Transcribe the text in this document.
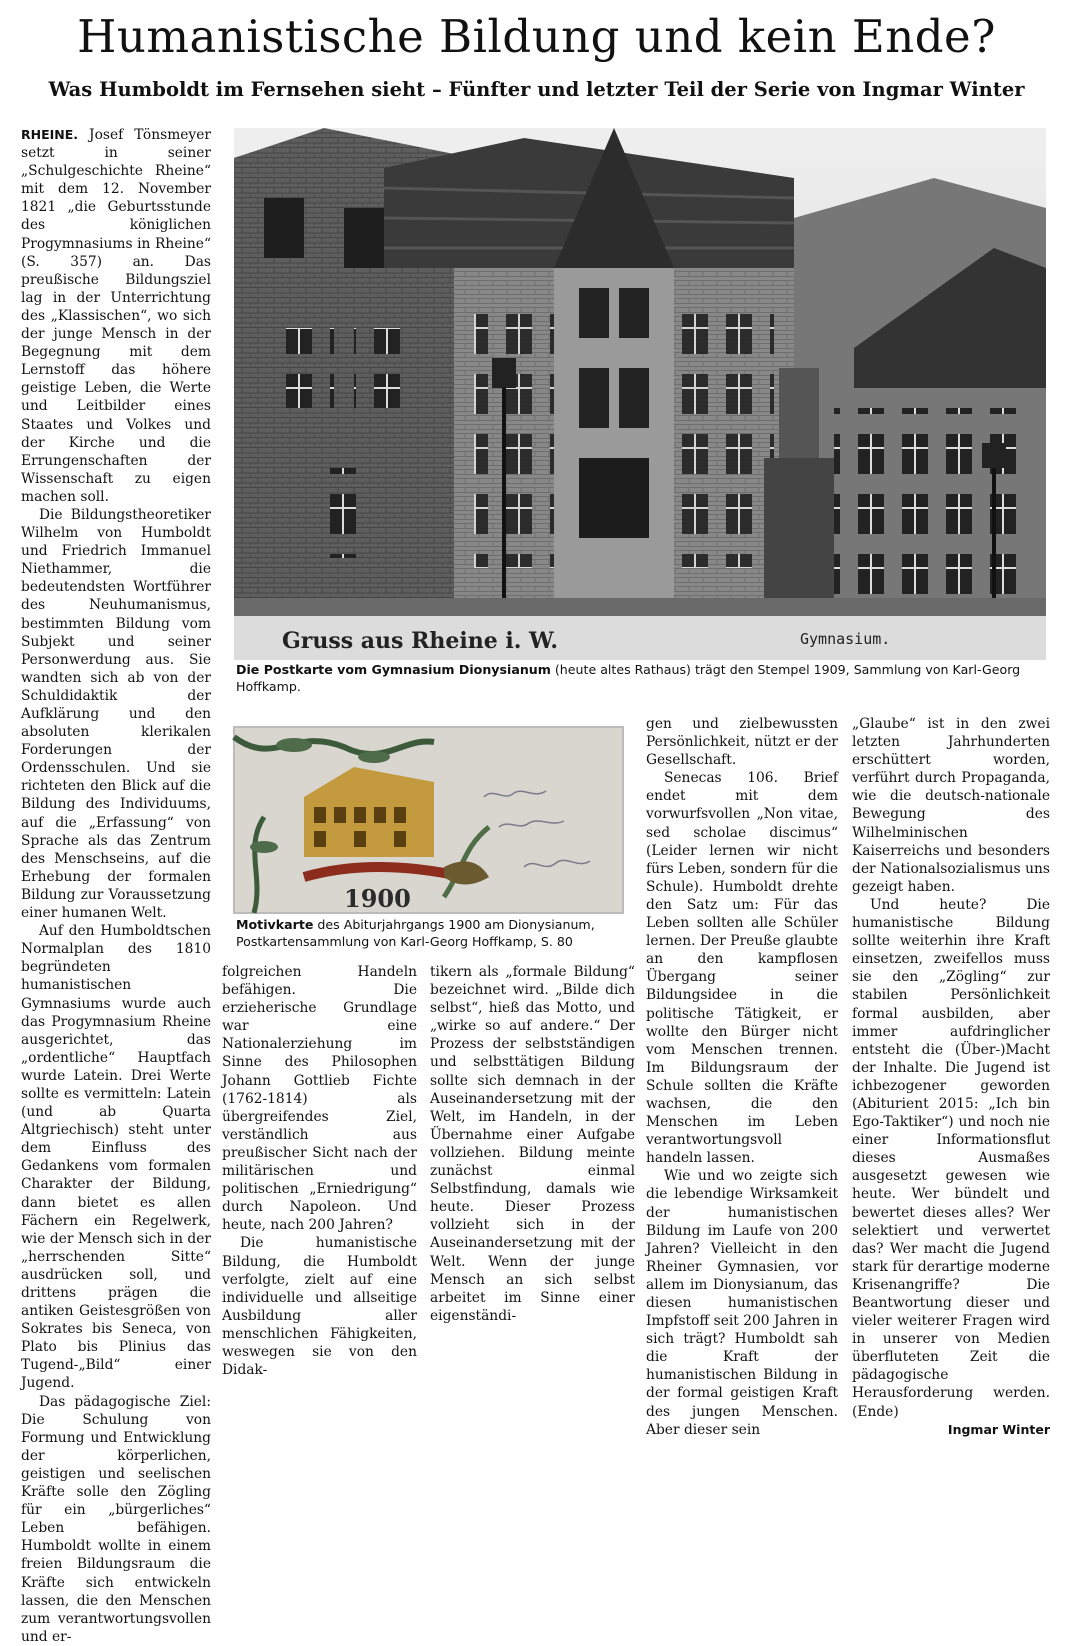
Humanistische Bildung und kein Ende?
Was Humboldt im Fernsehen sieht – Fünfter und letzter Teil der Serie von Ingmar Winter

RHEINE. Josef Tönsmeyer setzt in seiner „Schulgeschichte Rheine“ mit dem 12. November 1821 „die Geburtsstunde des königlichen Progymnasiums in Rheine“ (S. 357) an. Das preußische Bildungsziel lag in der Unterrichtung des „Klassischen“, wo sich der junge Mensch in der Begegnung mit dem Lernstoff das höhere geistige Leben, die Werte und Leitbilder eines Staates und Volkes und der Kirche und die Errungenschaften der Wissenschaft zu eigen machen soll.

Die Bildungstheoretiker Wilhelm von Humboldt und Friedrich Immanuel Niethammer, die bedeutendsten Wortführer des Neuhumanismus, bestimmten Bildung vom Subjekt und seiner Personwerdung aus. Sie wandten sich ab von der Schuldidaktik der Aufklärung und den absoluten klerikalen Forderungen der Ordensschulen. Und sie richteten den Blick auf die Bildung des Individuums, auf die „Erfassung“ von Sprache als das Zentrum des Menschseins, auf die Erhebung der formalen Bildung zur Voraussetzung einer humanen Welt.

Auf den Humboldtschen Normalplan des 1810 begründeten humanistischen Gymnasiums wurde auch das Progymnasium Rheine ausgerichtet, das „ordentliche“ Hauptfach wurde Latein. Drei Werte sollte es vermitteln: Latein (und ab Quarta Altgriechisch) steht unter dem Einfluss des Gedankens vom formalen Charakter der Bildung, dann bietet es allen Fächern ein Regelwerk, wie der Mensch sich in der „herrschenden Sitte“ ausdrücken soll, und drittens prägen die antiken Geistesgrößen von Sokrates bis Seneca, von Plato bis Plinius das Tugend-„Bild“ einer Jugend.

Das pädagogische Ziel: Die Schulung von Formung und Entwicklung der körperlichen, geistigen und seelischen Kräfte solle den Zögling für ein „bürgerliches“ Leben befähigen. Humboldt wollte in einem freien Bildungsraum die Kräfte sich entwickeln lassen, die den Menschen zum verantwortungsvollen und er-

Gruss aus Rheine i. W.	Gymnasium.
Die Postkarte vom Gymnasium Dionysianum (heute altes Rathaus) trägt den Stempel 1909, Sammlung von Karl-Georg Hoffkamp.
1900
Motivkarte des Abiturjahrgangs 1900 am Dionysianum, Postkartensammlung von Karl-Georg Hoffkamp, S. 80

folgreichen Handeln befähigen. Die erzieherische Grundlage war eine Nationalerziehung im Sinne des Philosophen Johann Gottlieb Fichte (1762-1814) als übergreifendes Ziel, verständlich aus preußischer Sicht nach der militärischen und politischen „Erniedrigung“ durch Napoleon. Und heute, nach 200 Jahren?

Die humanistische Bildung, die Humboldt verfolgte, zielt auf eine individuelle und allseitige Ausbildung aller menschlichen Fähigkeiten, weswegen sie von den Didak-

tikern als „formale Bildung“ bezeichnet wird. „Bilde dich selbst“, hieß das Motto, und „wirke so auf andere.“ Der Prozess der selbstständigen und selbsttätigen Bildung sollte sich demnach in der Auseinandersetzung mit der Welt, im Handeln, in der Übernahme einer Aufgabe vollziehen. Bildung meinte zunächst einmal Selbstfindung, damals wie heute. Dieser Prozess vollzieht sich in der Auseinandersetzung mit der Welt. Wenn der junge Mensch an sich selbst arbeitet im Sinne einer eigenständi-

gen und zielbewussten Persönlichkeit, nützt er der Gesellschaft.

Senecas 106. Brief endet mit dem vorwurfsvollen „Non vitae, sed scholae discimus“ (Leider lernen wir nicht fürs Leben, sondern für die Schule). Humboldt drehte den Satz um: Für das Leben sollten alle Schüler lernen. Der Preuße glaubte an den kampflosen Übergang seiner Bildungsidee in die politische Tätigkeit, er wollte den Bürger nicht vom Menschen trennen. Im Bildungsraum der Schule sollten die Kräfte wachsen, die den Menschen im Leben verantwortungsvoll handeln lassen.

Wie und wo zeigte sich die lebendige Wirksamkeit der humanistischen Bildung im Laufe von 200 Jahren? Vielleicht in den Rheiner Gymnasien, vor allem im Dionysianum, das diesen humanistischen Impfstoff seit 200 Jahren in sich trägt? Humboldt sah die Kraft der humanistischen Bildung in der formal geistigen Kraft des jungen Menschen. Aber dieser sein

„Glaube“ ist in den zwei letzten Jahrhunderten erschüttert worden, verführt durch Propaganda, wie die deutsch-nationale Bewegung des Wilhelminischen Kaiserreichs und besonders der Nationalsozialismus uns gezeigt haben.

Und heute? Die humanistische Bildung sollte weiterhin ihre Kraft einsetzen, zweifellos muss sie den „Zögling“ zur stabilen Persönlichkeit formal ausbilden, aber immer aufdringlicher entsteht die (Über-)Macht der Inhalte. Die Jugend ist ichbezogener geworden (Abiturient 2015: „Ich bin Ego-Taktiker“) und noch nie einer Informationsflut dieses Ausmaßes ausgesetzt gewesen wie heute. Wer bündelt und bewertet dieses alles? Wer selektiert und verwertet das? Wer macht die Jugend stark für derartige moderne Krisenangriffe? Die Beantwortung dieser und vieler weiterer Fragen wird in unserer von Medien überfluteten Zeit die pädagogische Herausforderung werden. (Ende)

Ingmar Winter
